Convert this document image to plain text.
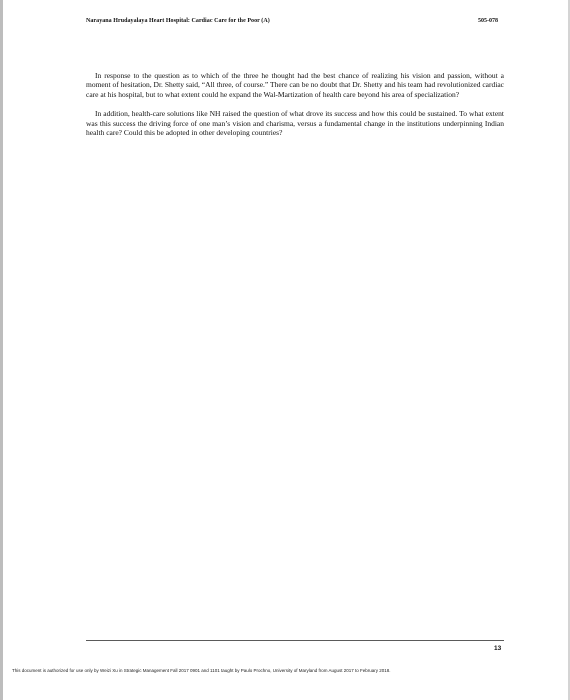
Narayana Hrudayalaya Heart Hospital: Cardiac Care for the Poor (A)	505-078

In response to the question as to which of the three he thought had the best chance of realizing his vision and passion, without a moment of hesitation, Dr. Shetty said, “All three, of course.” There can be no doubt that Dr. Shetty and his team had revolutionized cardiac care at his hospital, but to what extent could he expand the Wal-Martization of health care beyond his area of specialization?

In addition, health-care solutions like NH raised the question of what drove its success and how this could be sustained. To what extent was this success the driving force of one man’s vision and charisma, versus a fundamental change in the institutions underpinning Indian health care? Could this be adopted in other developing countries?

13
This document is authorized for use only by Weizi Xu in Strategic Management Fall 2017 0901 and 1101 taught by Paulo Prochno, University of Maryland from August 2017 to February 2018.
